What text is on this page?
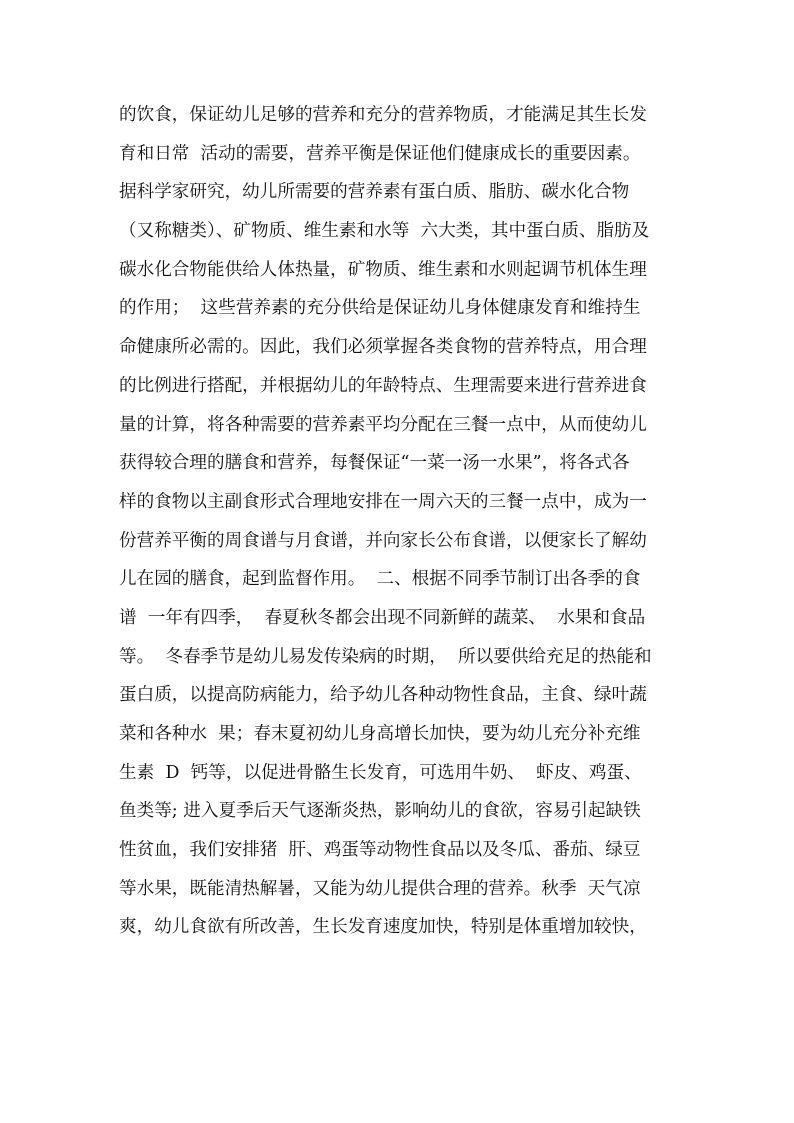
的饮食，保证幼儿足够的营养和充分的营养物质，才能满足其生长发
育和日常  活动的需要，营养平衡是保证他们健康成长的重要因素。
据科学家研究，幼儿所需要的营养素有蛋白质、脂肪、碳水化合物
（又称糖类）、矿物质、维生素和水等  六大类，其中蛋白质、脂肪及
碳水化合物能供给人体热量，矿物质、维生素和水则起调节机体生理
的作用；  这些营养素的充分供给是保证幼儿身体健康发育和维持生
命健康所必需的。因此，我们必须掌握各类食物的营养特点，用合理
的比例进行搭配，并根据幼儿的年龄特点、生理需要来进行营养进食
量的计算，将各种需要的营养素平均分配在三餐一点中，从而使幼儿
获得较合理的膳食和营养，每餐保证“一菜一汤一水果”，将各式各
样的食物以主副食形式合理地安排在一周六天的三餐一点中，成为一
份营养平衡的周食谱与月食谱，并向家长公布食谱，以便家长了解幼
儿在园的膳食，起到监督作用。  二、根据不同季节制订出各季的食
谱  一年有四季，  春夏秋冬都会出现不同新鲜的蔬菜、  水果和食品
等。  冬春季节是幼儿易发传染病的时期，  所以要供给充足的热能和
蛋白质，以提高防病能力，给予幼儿各种动物性食品，主食、绿叶蔬
菜和各种水  果；春末夏初幼儿身高增长加快，要为幼儿充分补充维
生素  D  钙等，以促进骨骼生长发育，可选用牛奶、  虾皮、鸡蛋、
鱼类等; 进入夏季后天气逐渐炎热，影响幼儿的食欲，容易引起缺铁
性贫血，我们安排猪  肝、鸡蛋等动物性食品以及冬瓜、番茄、绿豆
等水果，既能清热解暑，又能为幼儿提供合理的营养。秋季  天气凉
爽，幼儿食欲有所改善，生长发育速度加快，特别是体重增加较快，
